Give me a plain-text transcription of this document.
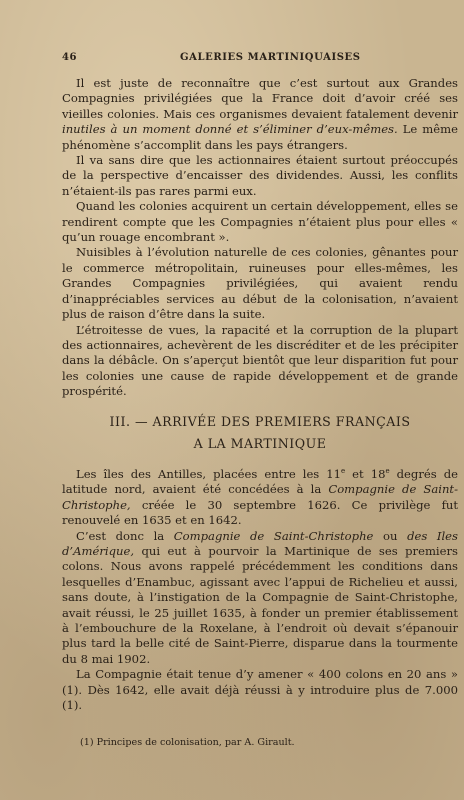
46	GALERIES MARTINIQUAISES

Il est juste de reconnaître que c’est surtout aux Grandes Compagnies privilégiées que la France doit d’avoir créé ses vieilles colonies. Mais ces organismes devaient fatalement devenir inutiles à un moment donné et s’éliminer d’eux-mêmes. Le même phénomène s’accomplit dans les pays étrangers.

Il va sans dire que les actionnaires étaient surtout préoccupés de la perspective d’encaisser des dividendes. Aussi, les conflits n’étaient-ils pas rares parmi eux.

Quand les colonies acquirent un certain développement, elles se rendirent compte que les Compagnies n’étaient plus pour elles « qu’un rouage encombrant ».

Nuisibles à l’évolution naturelle de ces colonies, gênantes pour le commerce métropolitain, ruineuses pour elles-mêmes, les Grandes Compagnies privilégiées, qui avaient rendu d’inappréciables services au début de la colonisation, n’avaient plus de raison d’être dans la suite.

L’étroitesse de vues, la rapacité et la corruption de la plupart des actionnaires, achevèrent de les discréditer et de les précipiter dans la débâcle. On s’aperçut bientôt que leur disparition fut pour les colonies une cause de rapide développement et de grande prospérité.

III. — ARRIVÉE DES PREMIERS FRANÇAIS
A LA MARTINIQUE

Les îles des Antilles, placées entre les 11e et 18e degrés de latitude nord, avaient été concédées à la Compagnie de Saint-Christophe, créée le 30 septembre 1626. Ce privilège fut renouvelé en 1635 et en 1642.

C’est donc la Compagnie de Saint-Christophe ou des Iles d’Amérique, qui eut à pourvoir la Martinique de ses premiers colons. Nous avons rappelé précédemment les conditions dans lesquelles d’Enambuc, agissant avec l’appui de Richelieu et aussi, sans doute, à l’instigation de la Compagnie de Saint-Christophe, avait réussi, le 25 juillet 1635, à fonder un premier établissement à l’embouchure de la Roxelane, à l’endroit où devait s’épanouir plus tard la belle cité de Saint-Pierre, disparue dans la tourmente du 8 mai 1902.

La Compagnie était tenue d’y amener « 400 colons en 20 ans » (1). Dès 1642, elle avait déjà réussi à y introduire plus de 7.000 (1).

(1) Principes de colonisation, par A. Girault.
